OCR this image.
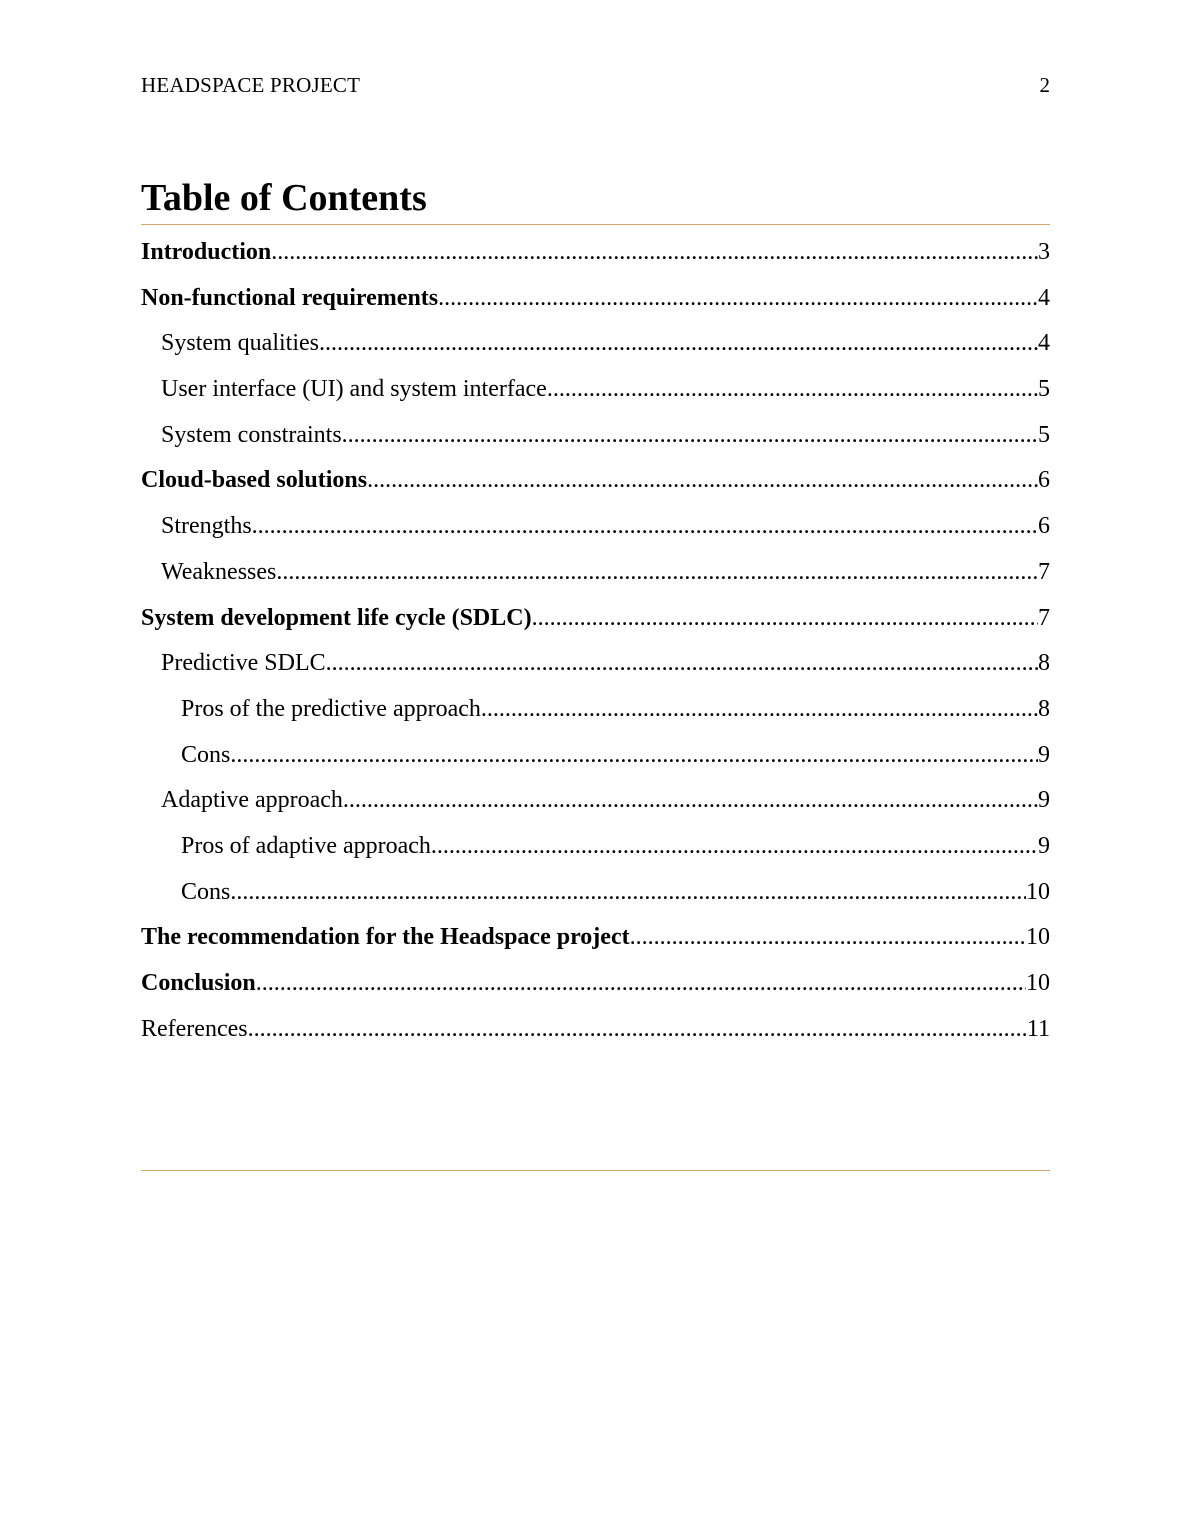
HEADSPACE PROJECT	2
Table of Contents
Introduction .....	3
Non-functional requirements .....	4
System qualities .....	4
User interface (UI) and system interface .....	5
System constraints .....	5
Cloud-based solutions .....	6
Strengths .....	6
Weaknesses .....	7
System development life cycle (SDLC) .....	7
Predictive SDLC .....	8
Pros of the predictive approach .....	8
Cons .....	9
Adaptive approach .....	9
Pros of adaptive approach .....	9
Cons .....	10
The recommendation for the Headspace project .....	10
Conclusion .....	10
References .....	11
